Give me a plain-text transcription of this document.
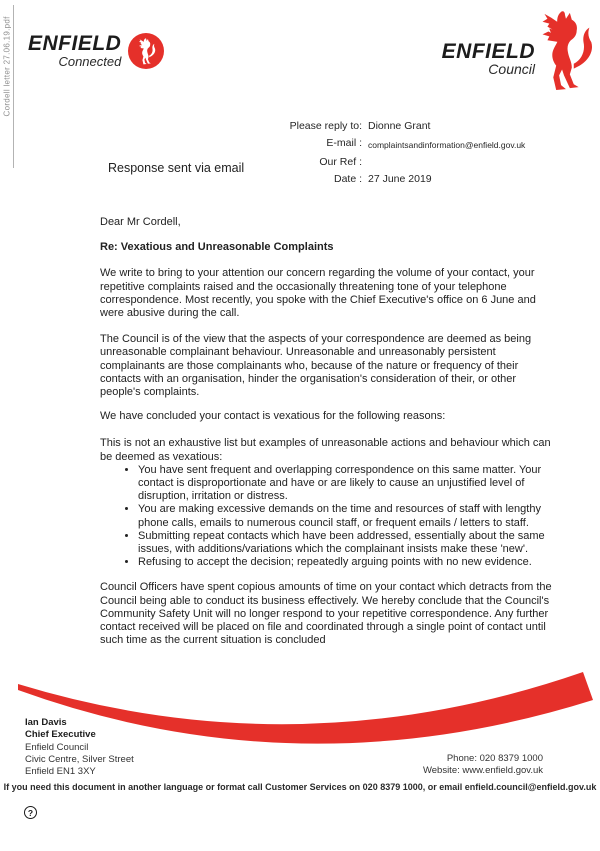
Cordell letter 27.06.19.pdf ENFIELD
Connected	ENFIELD
Council
Please reply to: Dionne Grant
E-mail : complaintsandinformation@enfield.gov.uk
Our Ref :
Date : 27 June 2019
Response sent via email

Dear Mr Cordell,

Re: Vexatious and Unreasonable Complaints

We write to bring to your attention our concern regarding the volume of your contact, your repetitive complaints raised and the occasionally threatening tone of your telephone correspondence. Most recently, you spoke with the Chief Executive's office on 6 June and were abusive during the call.

The Council is of the view that the aspects of your correspondence are deemed as being unreasonable complainant behaviour. Unreasonable and unreasonably persistent complainants are those complainants who, because of the nature or frequency of their contacts with an organisation, hinder the organisation's consideration of their, or other people's complaints.

We have concluded your contact is vexatious for the following reasons:

This is not an exhaustive list but examples of unreasonable actions and behaviour which can be deemed as vexatious:

• You have sent frequent and overlapping correspondence on this same matter. Your contact is disproportionate and have or are likely to cause an unjustified level of disruption, irritation or distress.
• You are making excessive demands on the time and resources of staff with lengthy phone calls, emails to numerous council staff, or frequent emails / letters to staff.
• Submitting repeat contacts which have been addressed, essentially about the same issues, with additions/variations which the complainant insists make these 'new'.
• Refusing to accept the decision; repeatedly arguing points with no new evidence.

Council Officers have spent copious amounts of time on your contact which detracts from the Council being able to conduct its business effectively. We hereby conclude that the Council's Community Safety Unit will no longer respond to your repetitive correspondence. Any further contact received will be placed on file and coordinated through a single point of contact until such time as the current situation is concluded

Ian Davis
Chief Executive
Enfield Council
Civic Centre, Silver Street
Enfield EN1 3XY
Phone: 020 8379 1000
Website: www.enfield.gov.uk
If you need this document in another language or format call Customer Services on 020 8379 1000, or email enfield.council@enfield.gov.uk
?
